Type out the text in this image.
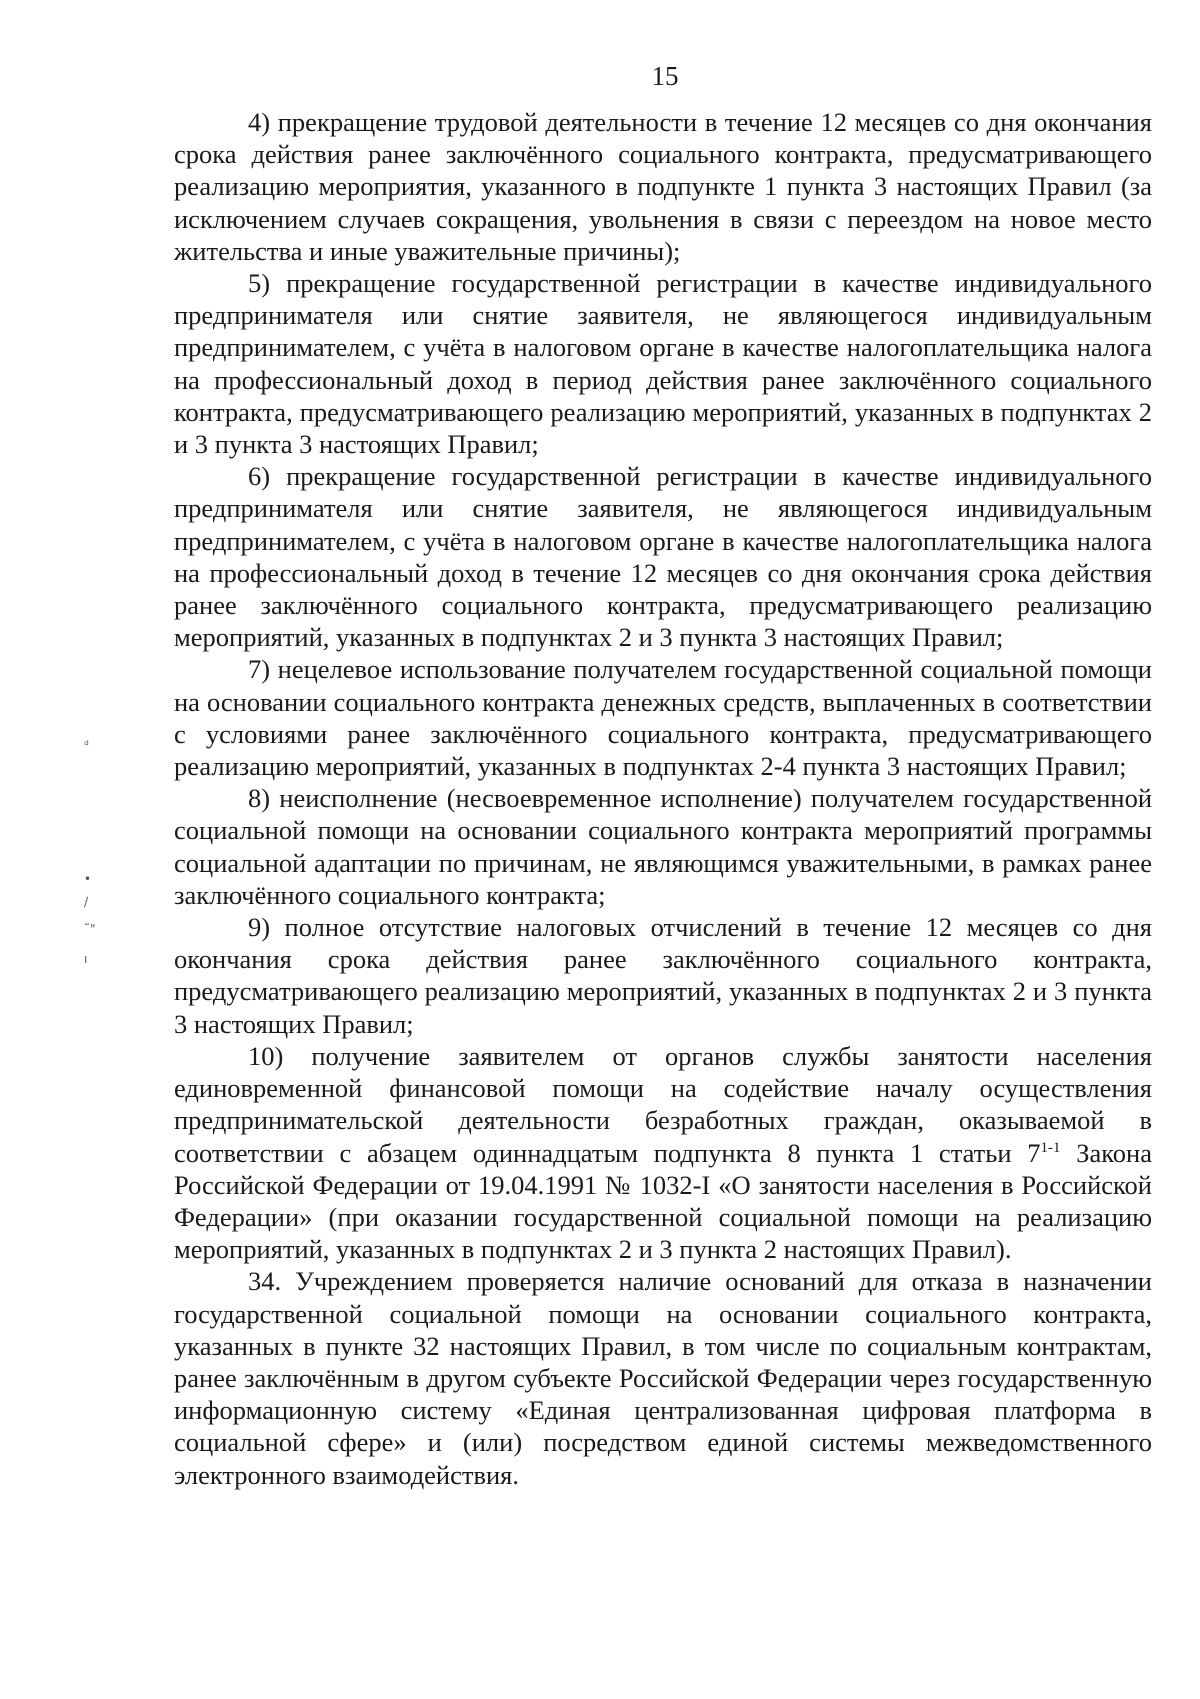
15
ᵈ
•
/
˜"
ı

4) прекращение трудовой деятельности в течение 12 месяцев со дня окончания срока действия ранее заключённого социального контракта, предусматривающего реализацию мероприятия, указанного в подпункте 1 пункта 3 настоящих Правил (за исключением случаев сокращения, увольнения в связи с переездом на новое место жительства и иные уважительные причины);

5) прекращение государственной регистрации в качестве индивидуального предпринимателя или снятие заявителя, не являющегося индивидуальным предпринимателем, с учёта в налоговом органе в качестве налогоплательщика налога на профессиональный доход в период действия ранее заключённого социального контракта, предусматривающего реализацию мероприятий, указанных в подпунктах 2 и 3 пункта 3 настоящих Правил;

6) прекращение государственной регистрации в качестве индивидуального предпринимателя или снятие заявителя, не являющегося индивидуальным предпринимателем, с учёта в налоговом органе в качестве налогоплательщика налога на профессиональный доход в течение 12 месяцев со дня окончания срока действия ранее заключённого социального контракта, предусматривающего реализацию мероприятий, указанных в подпунктах 2 и 3 пункта 3 настоящих Правил;

7) нецелевое использование получателем государственной социальной помощи на основании социального контракта денежных средств, выплаченных в соответствии с условиями ранее заключённого социального контракта, предусматривающего реализацию мероприятий, указанных в подпунктах 2-4 пункта 3 настоящих Правил;

8) неисполнение (несвоевременное исполнение) получателем государственной социальной помощи на основании социального контракта мероприятий программы социальной адаптации по причинам, не являющимся уважительными, в рамках ранее заключённого социального контракта;

9) полное отсутствие налоговых отчислений в течение 12 месяцев со дня окончания срока действия ранее заключённого социального контракта, предусматривающего реализацию мероприятий, указанных в подпунктах 2 и 3 пункта 3 настоящих Правил;

10) получение заявителем от органов службы занятости населения единовременной финансовой помощи на содействие началу осуществления предпринимательской деятельности безработных граждан, оказываемой в соответствии с абзацем одиннадцатым подпункта 8 пункта 1 статьи 7$^{1-1}$ Закона Российской Федерации от 19.04.1991 № 1032-I «О занятости населения в Российской Федерации» (при оказании государственной социальной помощи на реализацию мероприятий, указанных в подпунктах 2 и 3 пункта 2 настоящих Правил).

34. Учреждением проверяется наличие оснований для отказа в назначении государственной социальной помощи на основании социального контракта, указанных в пункте 32 настоящих Правил, в том числе по социальным контрактам, ранее заключённым в другом субъекте Российской Федерации через государственную информационную систему «Единая централизованная цифровая платформа в социальной сфере» и (или) посредством единой системы межведомственного электронного взаимодействия.
